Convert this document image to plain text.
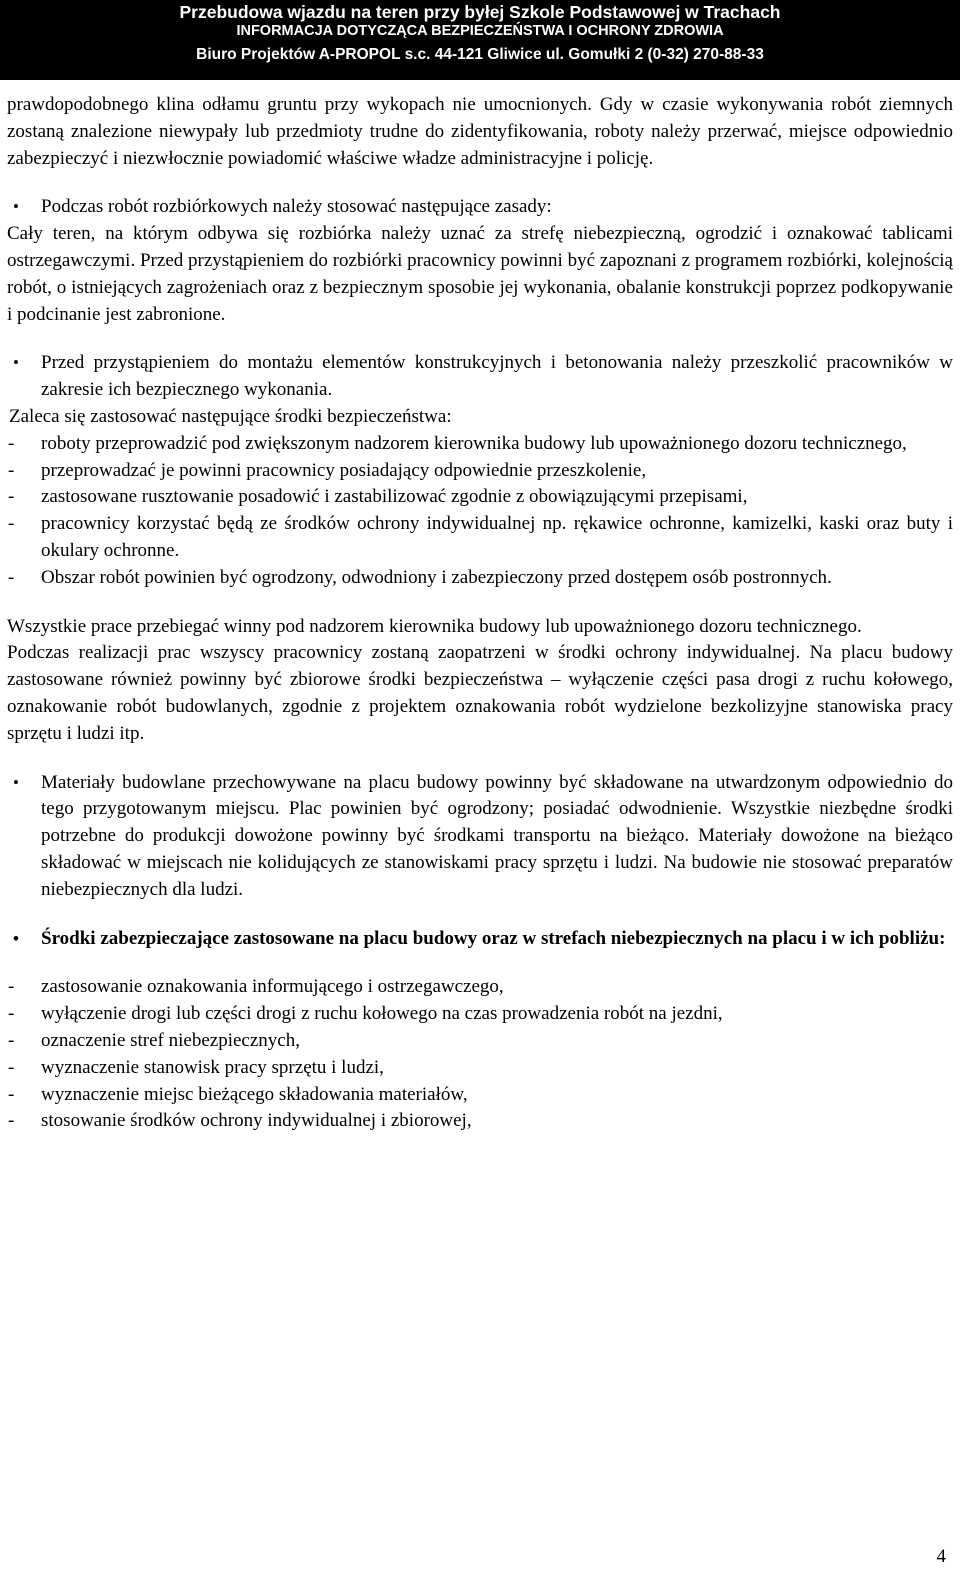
Przebudowa wjazdu na teren przy byłej Szkole Podstawowej w Trachach
INFORMACJA DOTYCZĄCA BEZPIECZEŃSTWA I OCHRONY ZDROWIA
Biuro Projektów A-PROPOL s.c. 44-121 Gliwice ul. Gomułki 2 (0-32) 270-88-33

prawdopodobnego klina odłamu gruntu przy wykopach nie umocnionych. Gdy w czasie wykonywania robót ziemnych zostaną znalezione niewypały lub przedmioty trudne do zidentyfikowania, roboty należy przerwać, miejsce odpowiednio zabezpieczyć i niezwłocznie powiadomić właściwe władze administracyjne i policję.

• Podczas robót rozbiórkowych należy stosować następujące zasady:

Cały teren, na którym odbywa się rozbiórka należy uznać za strefę niebezpieczną, ogrodzić i oznakować tablicami ostrzegawczymi. Przed przystąpieniem do rozbiórki pracownicy powinni być zapoznani z programem rozbiórki, kolejnością robót, o istniejących zagrożeniach oraz z bezpiecznym sposobie jej wykonania, obalanie konstrukcji poprzez podkopywanie i podcinanie jest zabronione.

• Przed przystąpieniem do montażu elementów konstrukcyjnych i betonowania należy przeszkolić pracowników w zakresie ich bezpiecznego wykonania.

Zaleca się zastosować następujące środki bezpieczeństwa:

- roboty przeprowadzić pod zwiększonym nadzorem kierownika budowy lub upoważnionego dozoru technicznego,

- przeprowadzać je powinni pracownicy posiadający odpowiednie przeszkolenie,

- zastosowane rusztowanie posadowić i zastabilizować zgodnie z obowiązującymi przepisami,

- pracownicy korzystać będą ze środków ochrony indywidualnej np. rękawice ochronne, kamizelki, kaski oraz buty i okulary ochronne.

- Obszar robót powinien być ogrodzony, odwodniony i zabezpieczony przed dostępem osób postronnych.

Wszystkie prace przebiegać winny pod nadzorem kierownika budowy lub upoważnionego dozoru technicznego.

Podczas realizacji prac wszyscy pracownicy zostaną zaopatrzeni w środki ochrony indywidualnej. Na placu budowy zastosowane również powinny być zbiorowe środki bezpieczeństwa – wyłączenie części pasa drogi z ruchu kołowego, oznakowanie robót budowlanych, zgodnie z projektem oznakowania robót wydzielone bezkolizyjne stanowiska pracy sprzętu i ludzi itp.

• Materiały budowlane przechowywane na placu budowy powinny być składowane na utwardzonym odpowiednio do tego przygotowanym miejscu. Plac powinien być ogrodzony; posiadać odwodnienie. Wszystkie niezbędne środki potrzebne do produkcji dowożone powinny być środkami transportu na bieżąco. Materiały dowożone na bieżąco składować w miejscach nie kolidujących ze stanowiskami pracy sprzętu i ludzi. Na budowie nie stosować preparatów niebezpiecznych dla ludzi.

• Środki zabezpieczające zastosowane na placu budowy oraz w strefach niebezpiecznych na placu i w ich pobliżu:

- zastosowanie oznakowania informującego i ostrzegawczego,

- wyłączenie drogi lub części drogi z ruchu kołowego na czas prowadzenia robót na jezdni,

- oznaczenie stref niebezpiecznych,

- wyznaczenie stanowisk pracy sprzętu i ludzi,

- wyznaczenie miejsc bieżącego składowania materiałów,

- stosowanie środków ochrony indywidualnej i zbiorowej,

4
